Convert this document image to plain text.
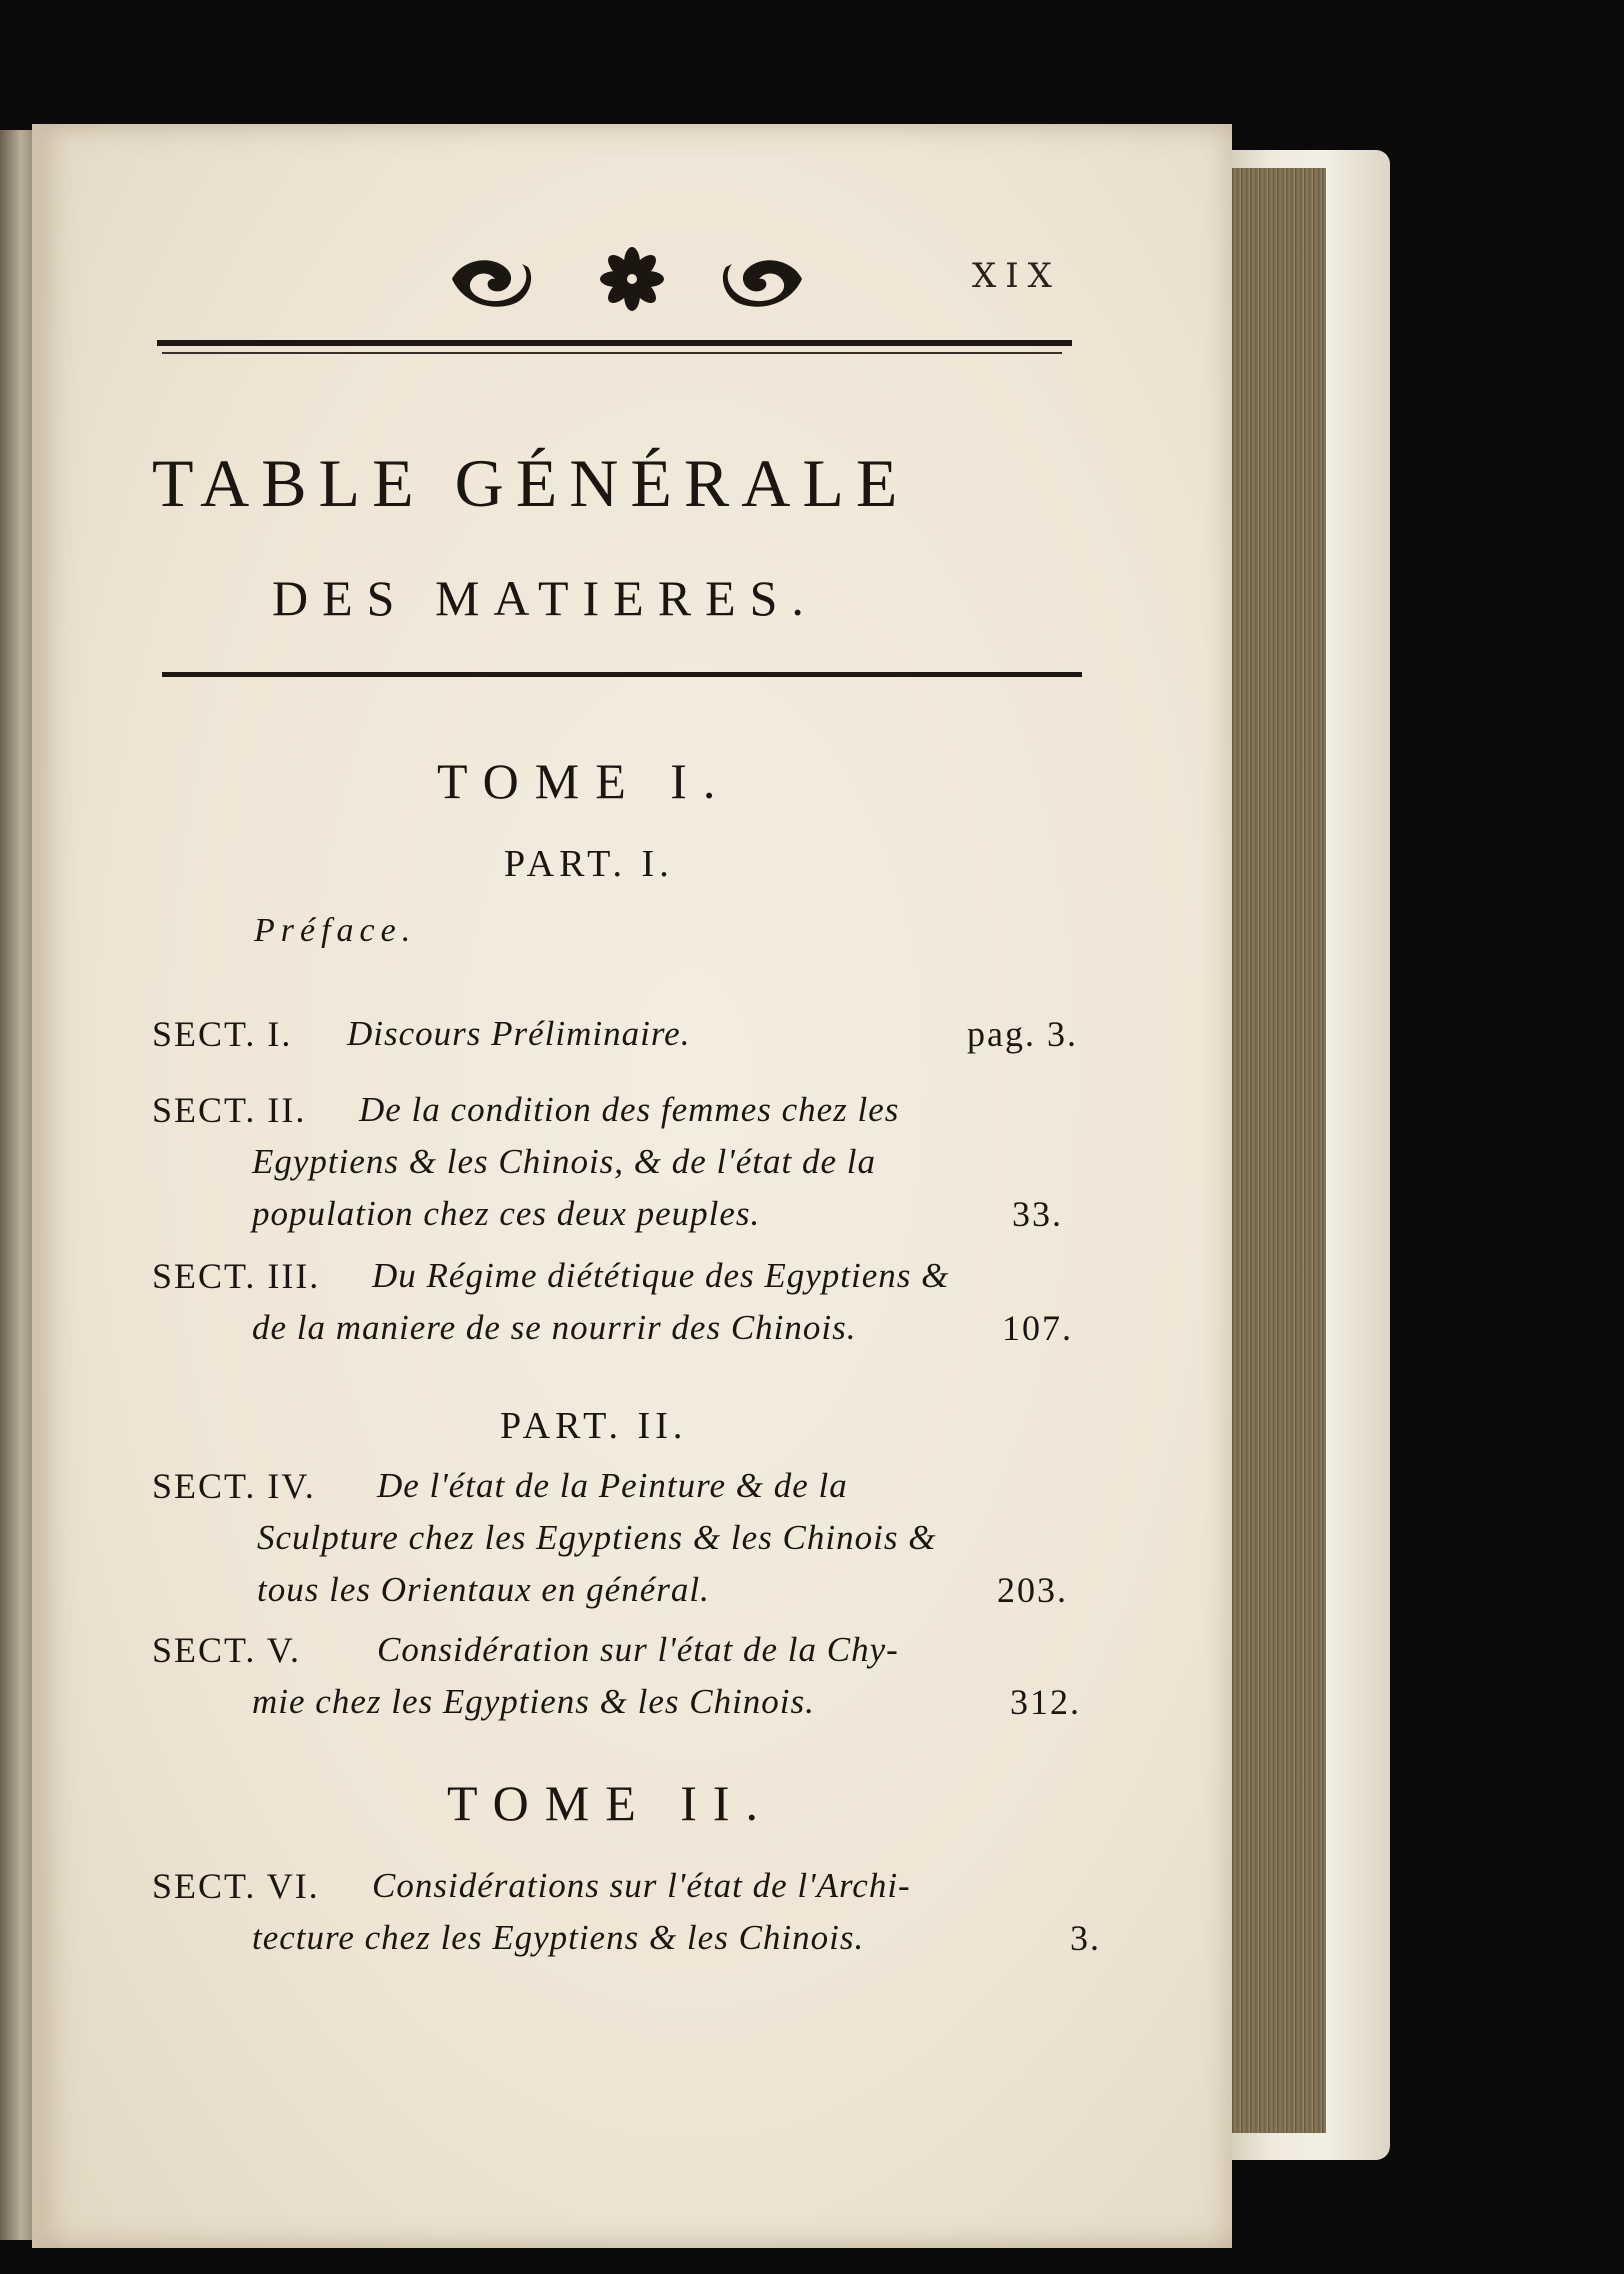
XIX
TABLE GÉNÉRALE
DES MATIERES.
TOME I.
PART. I.
Préface.
SECT. I. Discours Préliminaire.	pag. 3.
SECT. II. De la condition des femmes chez les
Egyptiens & les Chinois, & de l'état de la
population chez ces deux peuples.	33.
SECT. III. Du Régime diététique des Egyptiens &
de la maniere de se nourrir des Chinois.	107.
PART. II.
SECT. IV. De l'état de la Peinture & de la
Sculpture chez les Egyptiens & les Chinois &
tous les Orientaux en général.	203.
SECT. V. Considération sur l'état de la Chy-
mie chez les Egyptiens & les Chinois.	312.
TOME II.
SECT. VI. Considérations sur l'état de l'Archi-
tecture chez les Egyptiens & les Chinois.	3.
